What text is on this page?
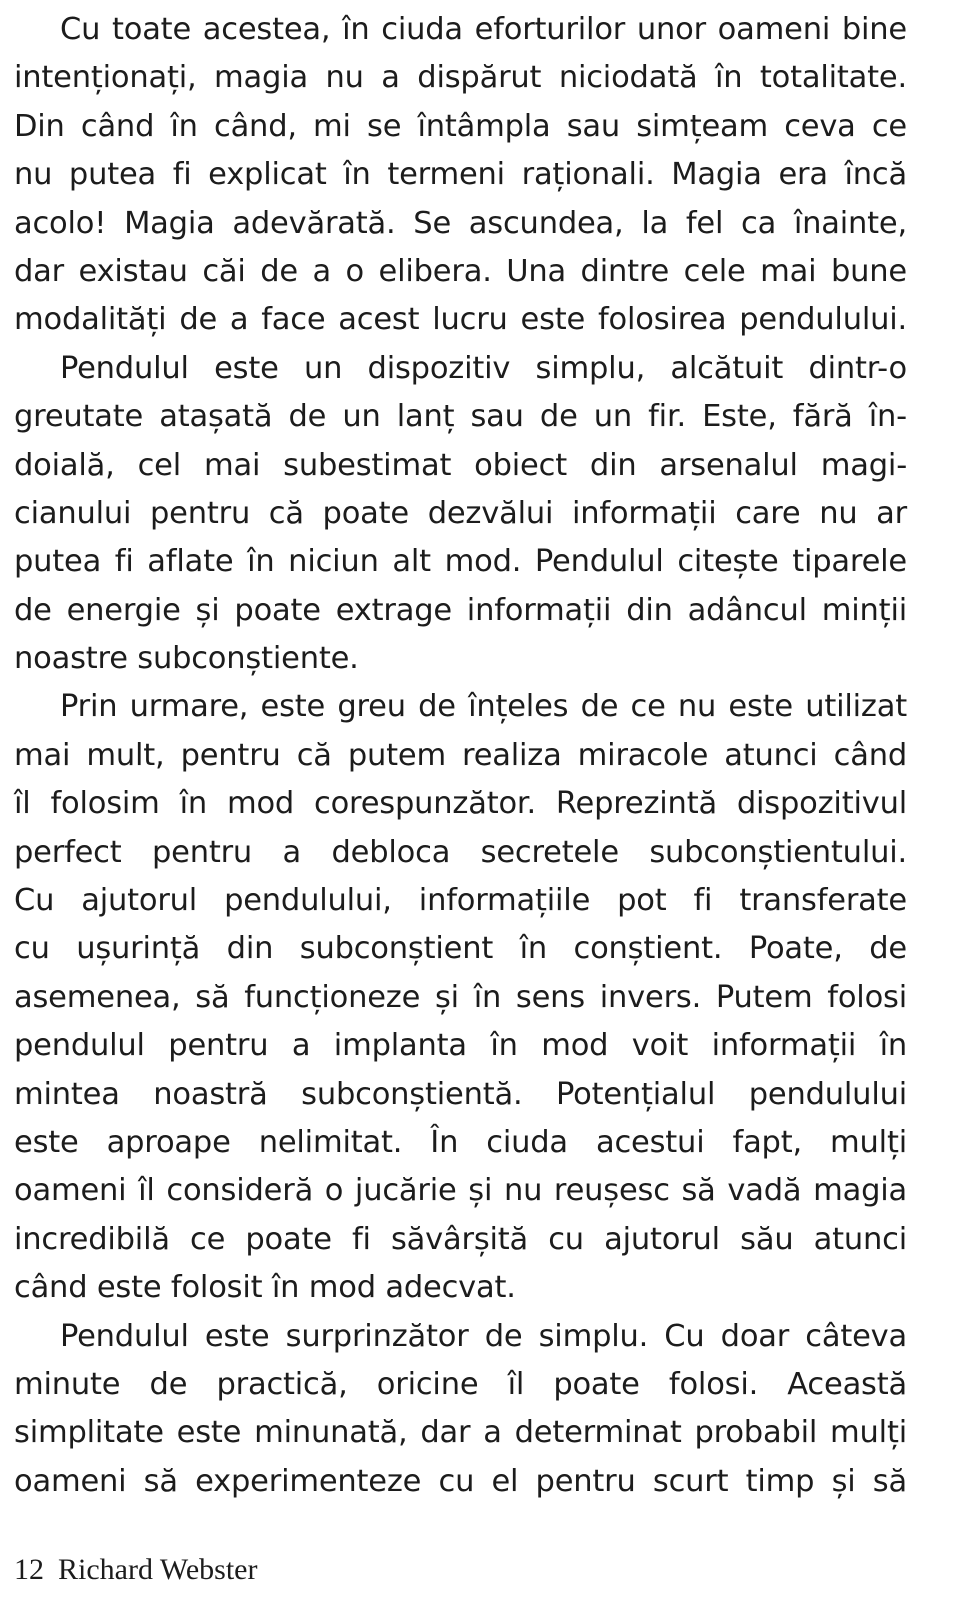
Cu toate acestea, în ciuda eforturilor unor oameni bine
intenționați, magia nu a dispărut niciodată în totalitate.
Din când în când, mi se întâmpla sau simțeam ceva ce
nu putea fi explicat în termeni raționali. Magia era încă
acolo! Magia adevărată. Se ascundea, la fel ca înainte,
dar existau căi de a o elibera. Una dintre cele mai bune
modalități de a face acest lucru este folosirea pendulului.
Pendulul este un dispozitiv simplu, alcătuit dintr-o
greutate atașată de un lanț sau de un fir. Este, fără în-
doială, cel mai subestimat obiect din arsenalul magi-
cianului pentru că poate dezvălui informații care nu ar
putea fi aflate în niciun alt mod. Pendulul citește tiparele
de energie și poate extrage informații din adâncul minții
noastre subconștiente.
Prin urmare, este greu de înțeles de ce nu este utilizat
mai mult, pentru că putem realiza miracole atunci când
îl folosim în mod corespunzător. Reprezintă dispozitivul
perfect pentru a debloca secretele subconștientului.
Cu ajutorul pendulului, informațiile pot fi transferate
cu ușurință din subconștient în conștient. Poate, de
asemenea, să funcționeze și în sens invers. Putem folosi
pendulul pentru a implanta în mod voit informații în
mintea noastră subconștientă. Potențialul pendulului
este aproape nelimitat. În ciuda acestui fapt, mulți
oameni îl consideră o jucărie și nu reușesc să vadă magia
incredibilă ce poate fi săvârșită cu ajutorul său atunci
când este folosit în mod adecvat.
Pendulul este surprinzător de simplu. Cu doar câteva
minute de practică, oricine îl poate folosi. Această
simplitate este minunată, dar a determinat probabil mulți
oameni să experimenteze cu el pentru scurt timp și să
12 Richard Webster
